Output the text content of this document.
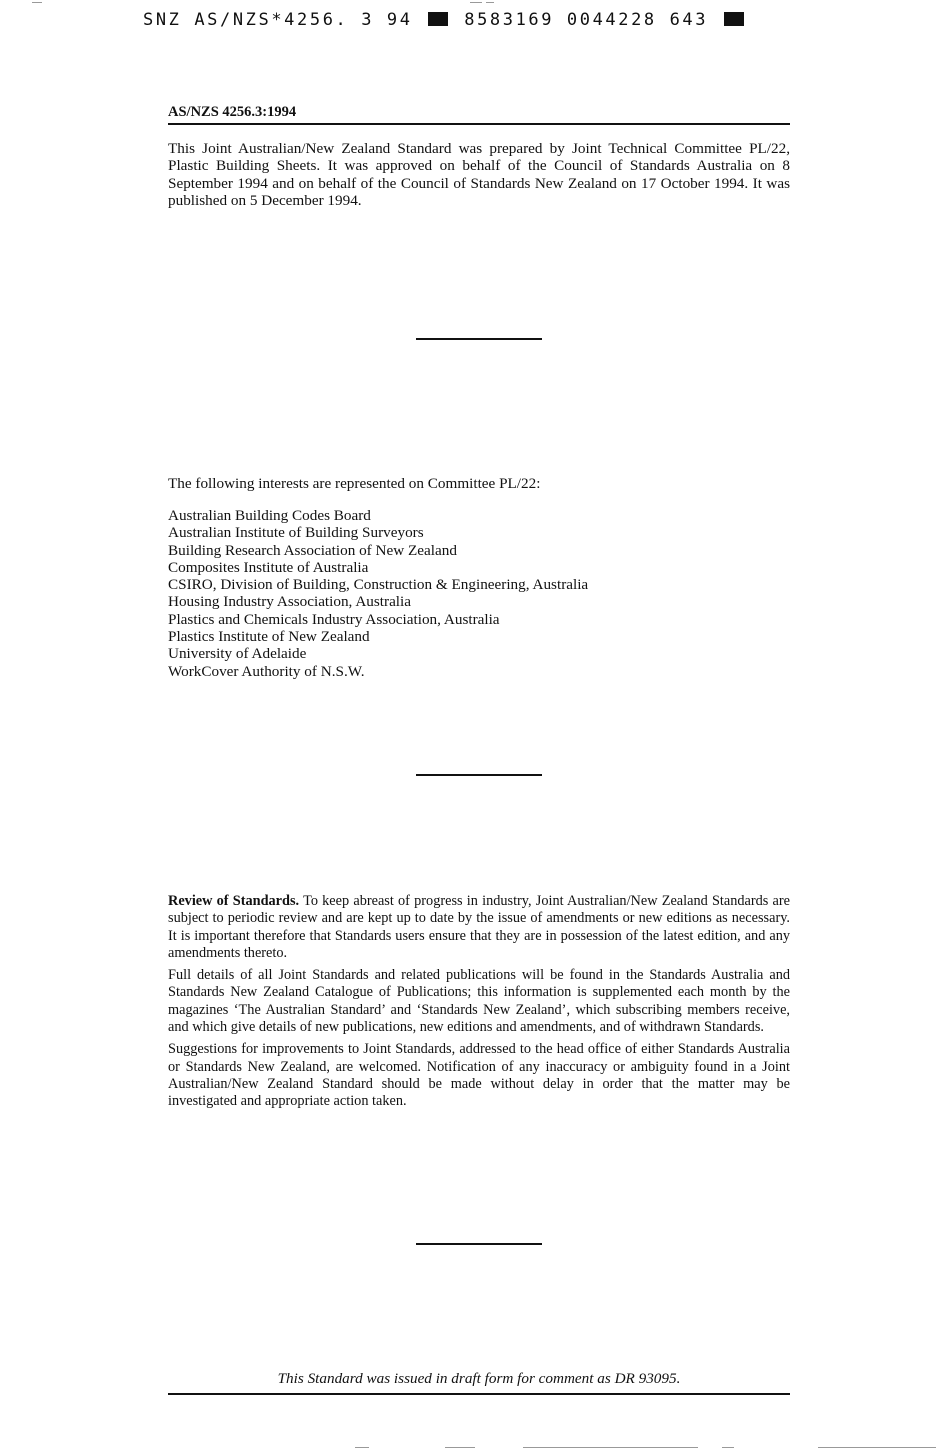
SNZ AS/NZS*4256. 3 94	8583169 0044228 643
AS/NZS 4256.3:1994

This Joint Australian/New Zealand Standard was prepared by Joint Technical Committee PL/22, Plastic Building Sheets. It was approved on behalf of the Council of Standards Australia on 8 September 1994 and on behalf of the Council of Standards New Zealand on 17 October 1994. It was published on 5 December 1994.

The following interests are represented on Committee PL/22:

Australian Building Codes Board
Australian Institute of Building Surveyors
Building Research Association of New Zealand
Composites Institute of Australia
CSIRO, Division of Building, Construction & Engineering, Australia
Housing Industry Association, Australia
Plastics and Chemicals Industry Association, Australia
Plastics Institute of New Zealand
University of Adelaide
WorkCover Authority of N.S.W.

Review of Standards. To keep abreast of progress in industry, Joint Australian/New Zealand Standards are subject to periodic review and are kept up to date by the issue of amendments or new editions as necessary. It is important therefore that Standards users ensure that they are in possession of the latest edition, and any amendments thereto.

Full details of all Joint Standards and related publications will be found in the Standards Australia and Standards New Zealand Catalogue of Publications; this information is supplemented each month by the magazines ‘The Australian Standard’ and ‘Standards New Zealand’, which subscribing members receive, and which give details of new publications, new editions and amendments, and of withdrawn Standards.

Suggestions for improvements to Joint Standards, addressed to the head office of either Standards Australia or Standards New Zealand, are welcomed. Notification of any inaccuracy or ambiguity found in a Joint Australian/New Zealand Standard should be made without delay in order that the matter may be investigated and appropriate action taken.

This Standard was issued in draft form for comment as DR 93095.
